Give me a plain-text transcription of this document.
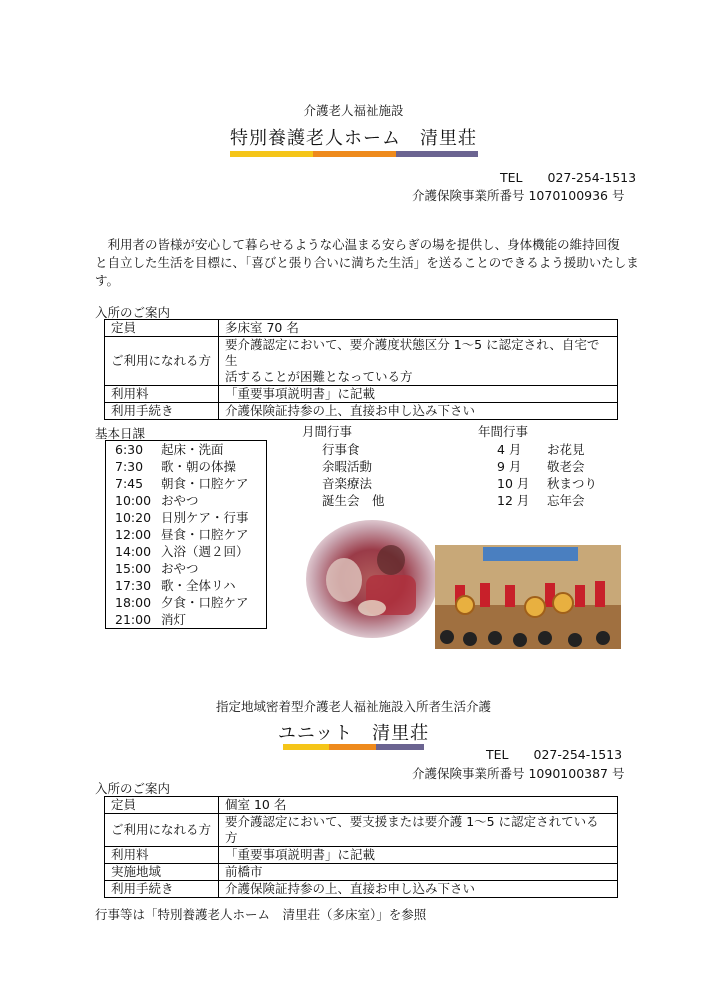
介護老人福祉施設
特別養護老人ホーム　清里荘
TEL　　027-254-1513
介護保険事業所番号 1070100936 号
　利用者の皆様が安心して暮らせるような心温まる安らぎの場を提供し、身体機能の維持回復
と自立した生活を目標に、「喜びと張り合いに満ちた生活」を送ることのできるよう援助いたしま
す。
入所のご案内
定員	多床室 70 名
ご利用になれる方	要介護認定において、要介護度状態区分 1～5 に認定され、自宅で生
活することが困難となっている方

利用料	「重要事項説明書」に記載
利用手続き	介護保険証持参の上、直接お申し込み下さい
基本日課
6:30 起床・洗面
7:30 歌・朝の体操
7:45 朝食・口腔ケア
10:00 おやつ
10:20 日別ケア・行事
12:00 昼食・口腔ケア
14:00 入浴（週２回）
15:00 おやつ
17:30 歌・全体リハ
18:00 夕食・口腔ケア
21:00 消灯
月間行事
行事食
余暇活動
音楽療法
誕生会　他
年間行事
4 月 お花見
9 月 敬老会
10 月 秋まつり
12 月 忘年会
指定地域密着型介護老人福祉施設入所者生活介護
ユニット　清里荘
TEL　　027-254-1513
介護保険事業所番号 1090100387 号
入所のご案内
定員	個室 10 名
ご利用になれる方	要介護認定において、要支援または要介護 1～5 に認定されている方
利用料	「重要事項説明書」に記載
実施地域	前橋市
利用手続き	介護保険証持参の上、直接お申し込み下さい
行事等は「特別養護老人ホーム　清里荘（多床室）」を参照
